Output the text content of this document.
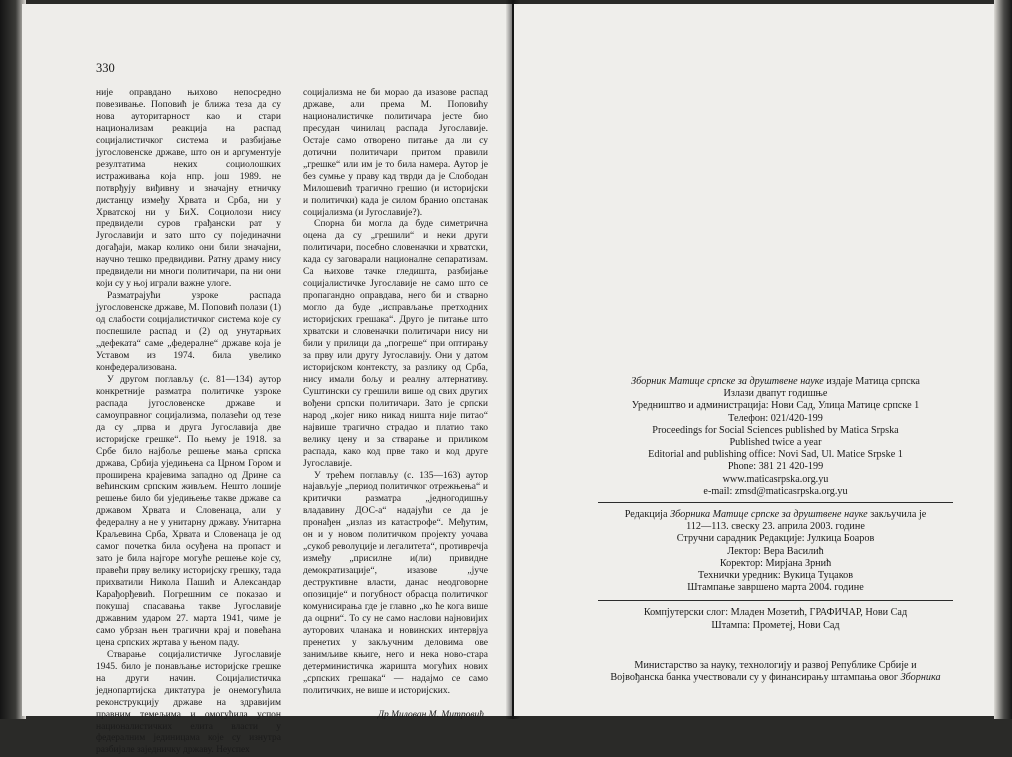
330

није оправдано њихово непосредно повезивање. Поповић је ближа теза да су нова ауторитарност као и стари национализам реакција на распад социјалистичког система и разбијање југословенске државе, што он и аргументује резултатима неких социолошких истраживања која нпр. још 1989. не потврђују виђивну и значајну етничку дистанцу између Хрвата и Срба, ни у Хрватској ни у БиХ. Социолози нису предвидели суров грађански рат у Југославији и зато што су појединачни догађаји, макар колико они били значајни, научно тешко предвидиви. Ратну драму нису предвидели ни многи политичари, па ни они који су у њој играли важне улоге.

Разматрајући узроке распада југословенске државе, М. Поповић полази (1) од слабости социјалистичког система које су поспешиле распад и (2) од унутарњих „дефеката“ саме „федералне“ државе која је Уставом из 1974. била увелико конфедерализована.

У другом поглављу (с. 81—134) аутор конкретније разматра политичке узроке распада југословенске државе и самоуправног социјализма, полазећи од тезе да су „прва и друга Југославија две историјске грешке“. По њему је 1918. за Србе било најбоље решење мања српска држава, Србија уједињена са Црном Гором и проширена крајевима западно од Дрине са већинским српским живљем. Нешто лошије решење било би уједињење такве државе са државом Хрвата и Словенаца, али у федералну а не у унитарну државу. Унитарна Краљевина Срба, Хрвата и Словенаца је од самог почетка била осуђена на пропаст и зато је била најгоре могуће решење које су, правећи прву велику историјску грешку, тада прихватили Никола Пашић и Александар Карађорђевић. Погрешним се показао и покушај спасавања такве Југославије државним ударом 27. марта 1941, чиме је само убрзан њен трагични крај и повећана цена српских жртава у њеном паду.

Стварање социјалистичке Југославије 1945. било је понављање историјске грешке на други начин. Социјалистичка једнопартијска диктатура је онемогућила реконструкцију државе на здравијим правним темељима и омогућила успон националистичких елита власти у федералним јединицама које су изнутра разбијале заједничку државу. Неуспех

социјализма не би морао да изазове распад државе, али према М. Поповићу националистичке политичара јесте био пресудан чинилац распада Југославије. Остаје само отворено питање да ли су дотични политичари притом правили „грешке“ или им је то била намера. Аутор је без сумње у праву кад тврди да је Слободан Милошевић трагично грешио (и историјски и политички) када је силом бранио опстанак социјализма (и Југославије?).

Спорна би могла да буде симетрична оцена да су „грешили“ и неки други политичари, посебно словеначки и хрватски, када су заговарали националне сепаратизам. Са њихове тачке гледишта, разбијање социјалистичке Југославије не само што се пропагандно оправдава, него би и стварно могло да буде „исправљање претходних историјских грешака“. Друго је питање што хрватски и словеначки политичари нису ни били у прилици да „погреше“ при оптирању за прву или другу Југославију. Они у датом историјском контексту, за разлику од Срба, нису имали бољу и реалну алтернативу. Суштински су грешили више од свих других вођени српски политичари. Зато је српски народ „којег нико никад ништа није питао“ највише трагично страдао и платио тако велику цену и за стварање и приликом распада, како код прве тако и код друге Југославије.

У трећем поглављу (с. 135—163) аутор најављује „период политичког отрежњења“ и критички разматра „једногодишњу владавину ДОС-а“ надајући се да је пронађен „излаз из катастрофе“. Међутим, он и у новом политичком пројекту уочава „сукоб револуције и легалитета“, противречја између „присилне и(ли) привидне демократизације“, изазове „јуче деструктивне власти, данас неодговорне опозиције“ и погубност обрасца политичког комунисирања где је главно „ко ће кога више да оцрни“. То су не само наслови најновијих ауторових чланака и новинских интервјуа пренетих у закључним деловима ове занимљиве књиге, него и нека ново-стара детерминистичка жаришта могућих нових „српских грешака“ — надајмо се само политичких, не више и историјских.

Др Милован М. Митровић
Зборник Матице српске за друштвене науке издаје Матица српска
Излази двапут годишње
Уредништво и администрација: Нови Сад, Улица Матице српске 1
Телефон: 021/420-199
Proceedings for Social Sciences published by Matica Srpska
Published twice a year
Editorial and publishing office: Novi Sad, Ul. Matice Srpske 1
Phone: 381 21 420-199
www.maticasrpska.org.yu
e-mail: zmsd@maticasrpska.org.yu
Редакција Зборника Матице српске за друштвене науке закључила је
112—113. свеску 23. априла 2003. године
Стручни сарадник Редакције: Јулкица Боаров
Лектор: Вера Василић
Коректор: Мирјана Зрнић
Технички уредник: Вукица Туцаков
Штампање завршено марта 2004. године
Компјутерски слог: Младен Мозетић, ГРАФИЧАР, Нови Сад
Штампа: Прометеј, Нови Сад
Министарство за науку, технологију и развој Републике Србије и
Војвођанска банка учествовали су у финансирању штампања овог Зборника
